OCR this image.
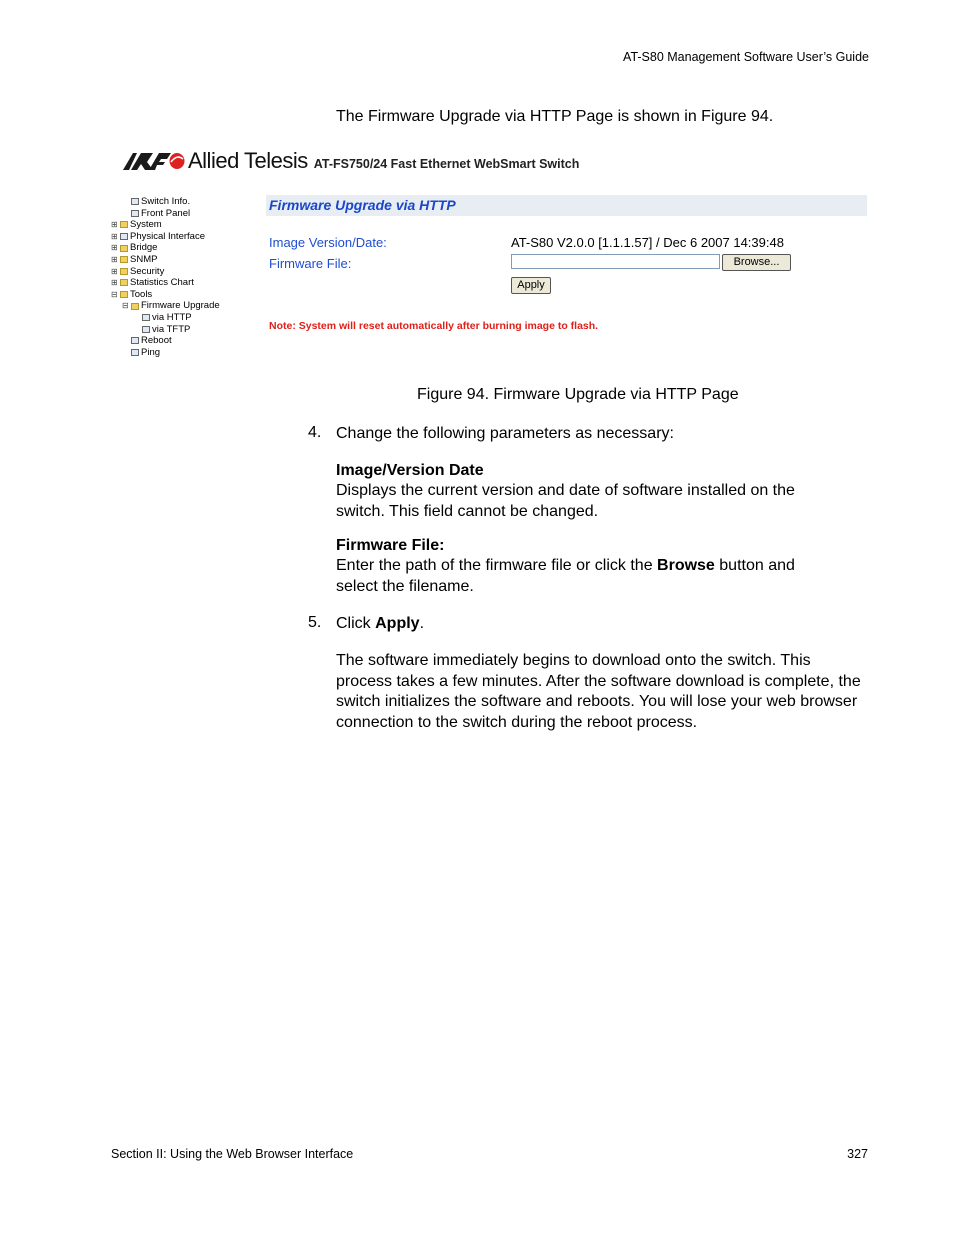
AT-S80 Management Software User’s Guide
The Firmware Upgrade via HTTP Page is shown in Figure 94.
Allied Telesis AT-FS750/24 Fast Ethernet WebSmart Switch
Switch Info.
Front Panel
⊞ System
⊞ Physical Interface
⊞ Bridge
⊞ SNMP
⊞ Security
⊞ Statistics Chart
⊟ Tools
⊟ Firmware Upgrade
via HTTP
via TFTP
Reboot
Ping
Firmware Upgrade via HTTP
Image Version/Date:	AT-S80 V2.0.0 [1.1.1.57] / Dec 6 2007 14:39:48
Firmware File:	Browse...
Apply
Note: System will reset automatically after burning image to flash.
Figure 94. Firmware Upgrade via HTTP Page
4. Change the following parameters as necessary:
Image/Version Date
Displays the current version and date of software installed on the switch. This field cannot be changed.
Firmware File:
Enter the path of the firmware file or click the Browse button and select the filename.
5. Click Apply.
The software immediately begins to download onto the switch. This process takes a few minutes. After the software download is complete, the switch initializes the software and reboots. You will lose your web browser connection to the switch during the reboot process.
Section II: Using the Web Browser Interface	327
